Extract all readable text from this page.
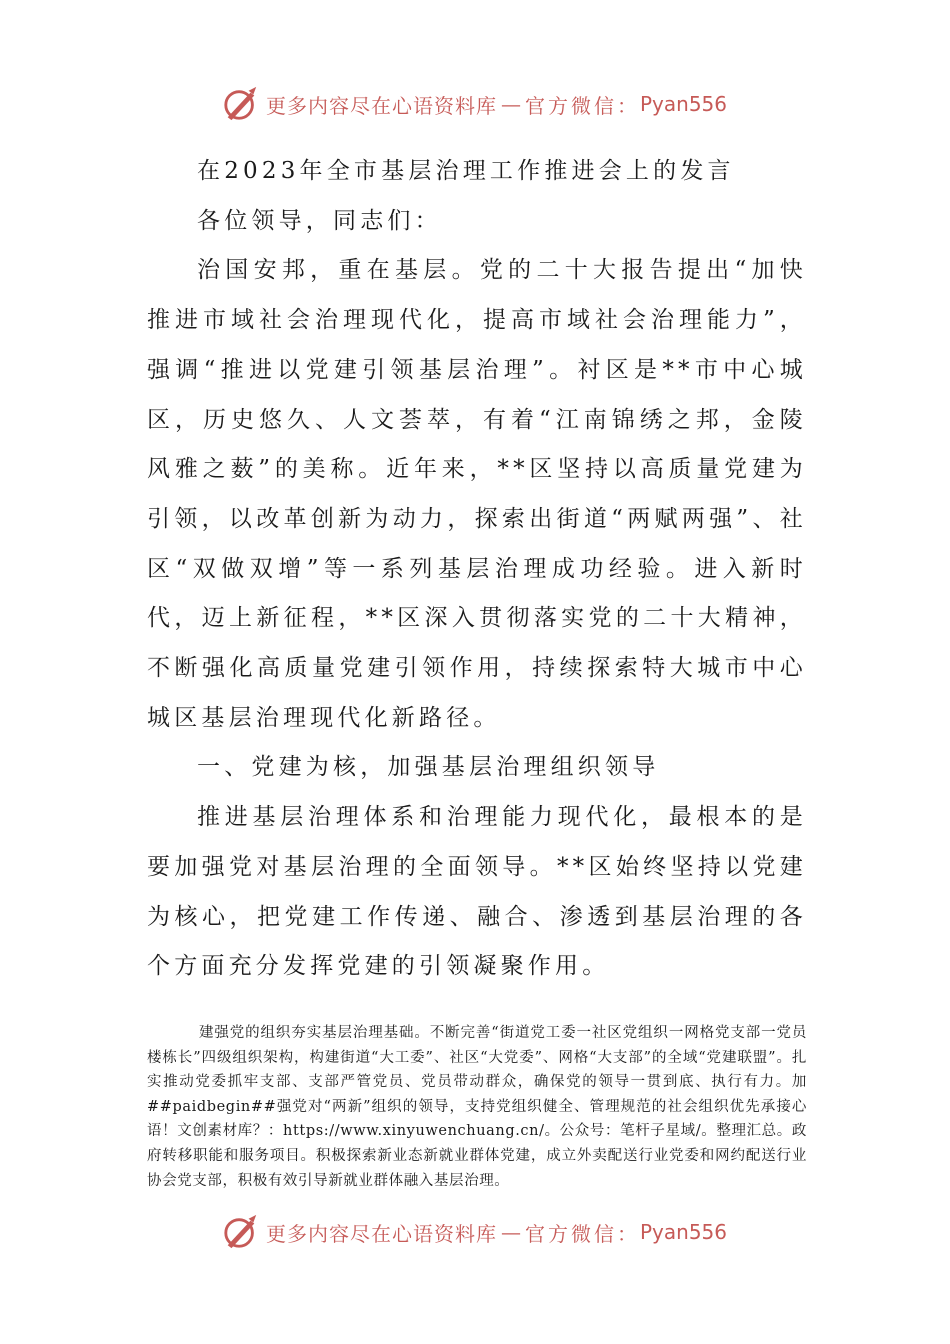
更多内容尽在心语资料库 — 官方微信： Pyan556

在2023年全市基层治理工作推进会上的发言

各位领导，同志们：

治国安邦，重在基层。党的二十大报告提出“加快推进市域社会治理现代化，提高市域社会治理能力”，强调“推进以党建引领基层治理”。衬区是**市中心城区，历史悠久、人文荟萃，有着“江南锦绣之邦，金陵风雅之薮”的美称。近年来，**区坚持以高质量党建为引领，以改革创新为动力，探索出街道“两赋两强”、社区“双做双增”等一系列基层治理成功经验。进入新时代，迈上新征程，**区深入贯彻落实党的二十大精神，不断强化高质量党建引领作用，持续探索特大城市中心城区基层治理现代化新路径。

一、党建为核，加强基层治理组织领导

推进基层治理体系和治理能力现代化，最根本的是要加强党对基层治理的全面领导。**区始终坚持以党建为核心，把党建工作传递、融合、渗透到基层治理的各个方面充分发挥党建的引领凝聚作用。

建强党的组织夯实基层治理基础。不断完善“街道党工委一社区党组织一网格党支部一党员楼栋长”四级组织架构，构建街道“大工委”、社区“大党委”、网格“大支部”的全域“党建联盟”。扎实推动党委抓牢支部、支部严管党员、党员带动群众，确保党的领导一贯到底、执行有力。加##paidbegin##强党对“两新”组织的领导，支持党组织健全、管理规范的社会组织优先承接心语！文创素材库？：https://www.xinyuwenchuang.cn/。公众号：笔杆子星域/。整理汇总。政府转移职能和服务项目。积极探索新业态新就业群体党建，成立外卖配送行业党委和网约配送行业协会党支部，积极有效引导新就业群体融入基层治理。

更多内容尽在心语资料库 — 官方微信： Pyan556
